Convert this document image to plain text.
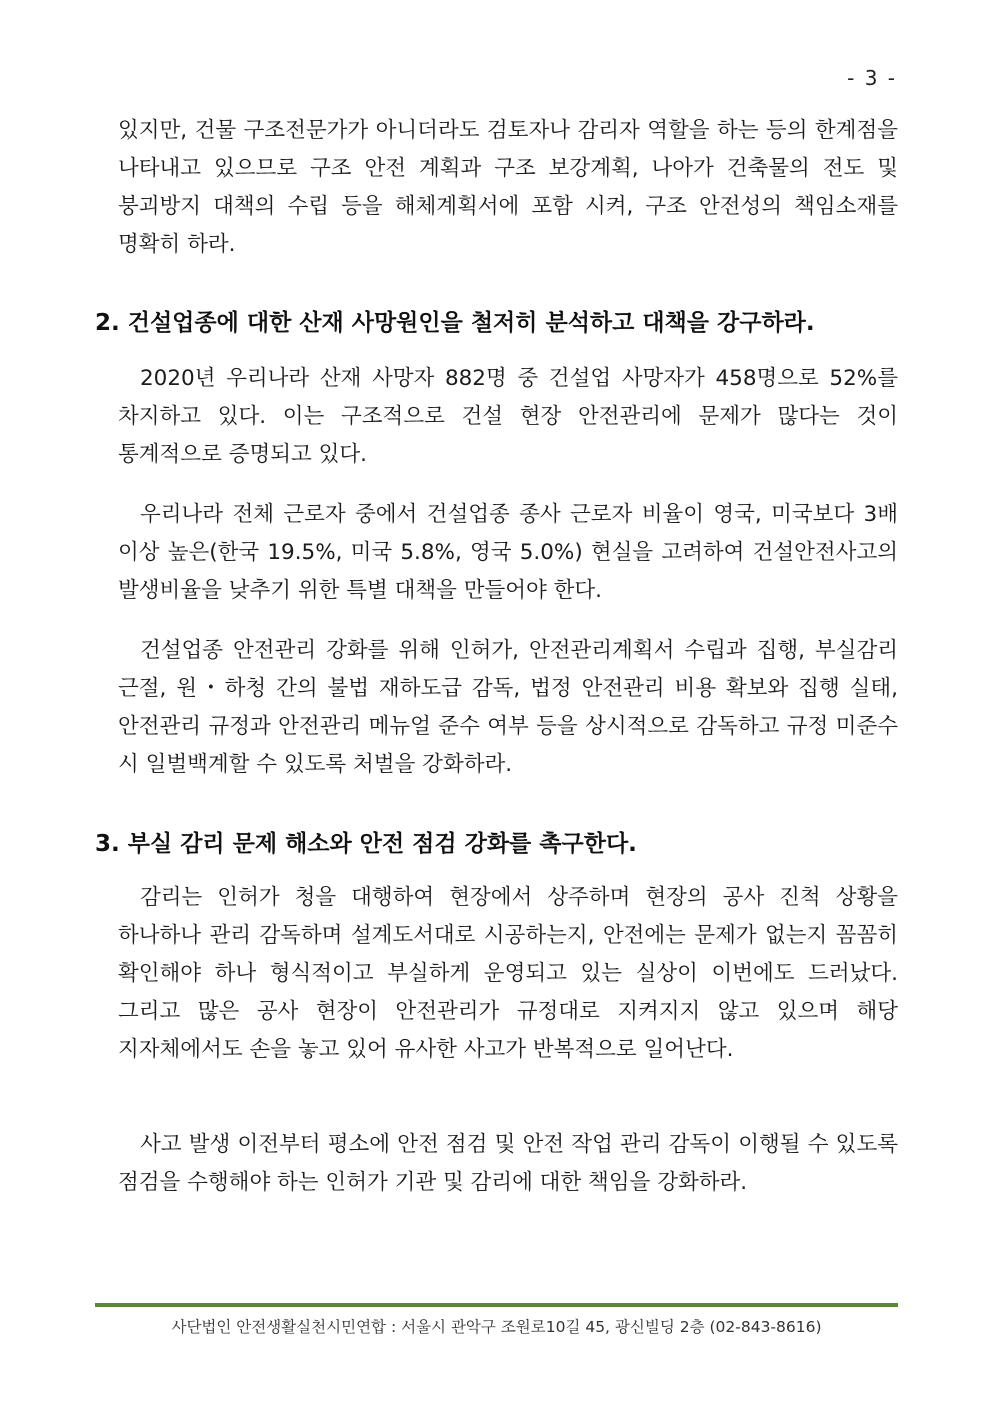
- 3 -
있지만, 건물 구조전문가가 아니더라도 검토자나 감리자 역할을 하는 등의 한계점을 나타내고 있으므로 구조 안전 계획과 구조 보강계획, 나아가 건축물의 전도 및 붕괴방지 대책의 수립 등을 해체계획서에 포함 시켜, 구조 안전성의 책임소재를 명확히 하라.
2. 건설업종에 대한 산재 사망원인을 철저히 분석하고 대책을 강구하라.
2020년 우리나라 산재 사망자 882명 중 건설업 사망자가 458명으로 52%를 차지하고 있다. 이는 구조적으로 건설 현장 안전관리에 문제가 많다는 것이 통계적으로 증명되고 있다.
우리나라 전체 근로자 중에서 건설업종 종사 근로자 비율이 영국, 미국보다 3배 이상 높은(한국 19.5%, 미국 5.8%, 영국 5.0%) 현실을 고려하여 건설안전사고의 발생비율을 낮추기 위한 특별 대책을 만들어야 한다.
건설업종 안전관리 강화를 위해 인허가, 안전관리계획서 수립과 집행, 부실감리 근절, 원・하청 간의 불법 재하도급 감독, 법정 안전관리 비용 확보와 집행 실태, 안전관리 규정과 안전관리 메뉴얼 준수 여부 등을 상시적으로 감독하고 규정 미준수 시 일벌백계할 수 있도록 처벌을 강화하라.
3. 부실 감리 문제 해소와 안전 점검 강화를 촉구한다.
감리는 인허가 청을 대행하여 현장에서 상주하며 현장의 공사 진척 상황을 하나하나 관리 감독하며 설계도서대로 시공하는지, 안전에는 문제가 없는지 꼼꼼히 확인해야 하나 형식적이고 부실하게 운영되고 있는 실상이 이번에도 드러났다. 그리고 많은 공사 현장이 안전관리가 규정대로 지켜지지 않고 있으며 해당 지자체에서도 손을 놓고 있어 유사한 사고가 반복적으로 일어난다.
사고 발생 이전부터 평소에 안전 점검 및 안전 작업 관리 감독이 이행될 수 있도록 점검을 수행해야 하는 인허가 기관 및 감리에 대한 책임을 강화하라.
사단법인 안전생활실천시민연합 : 서울시 관악구 조원로10길 45, 광신빌딩 2층 (02-843-8616)
